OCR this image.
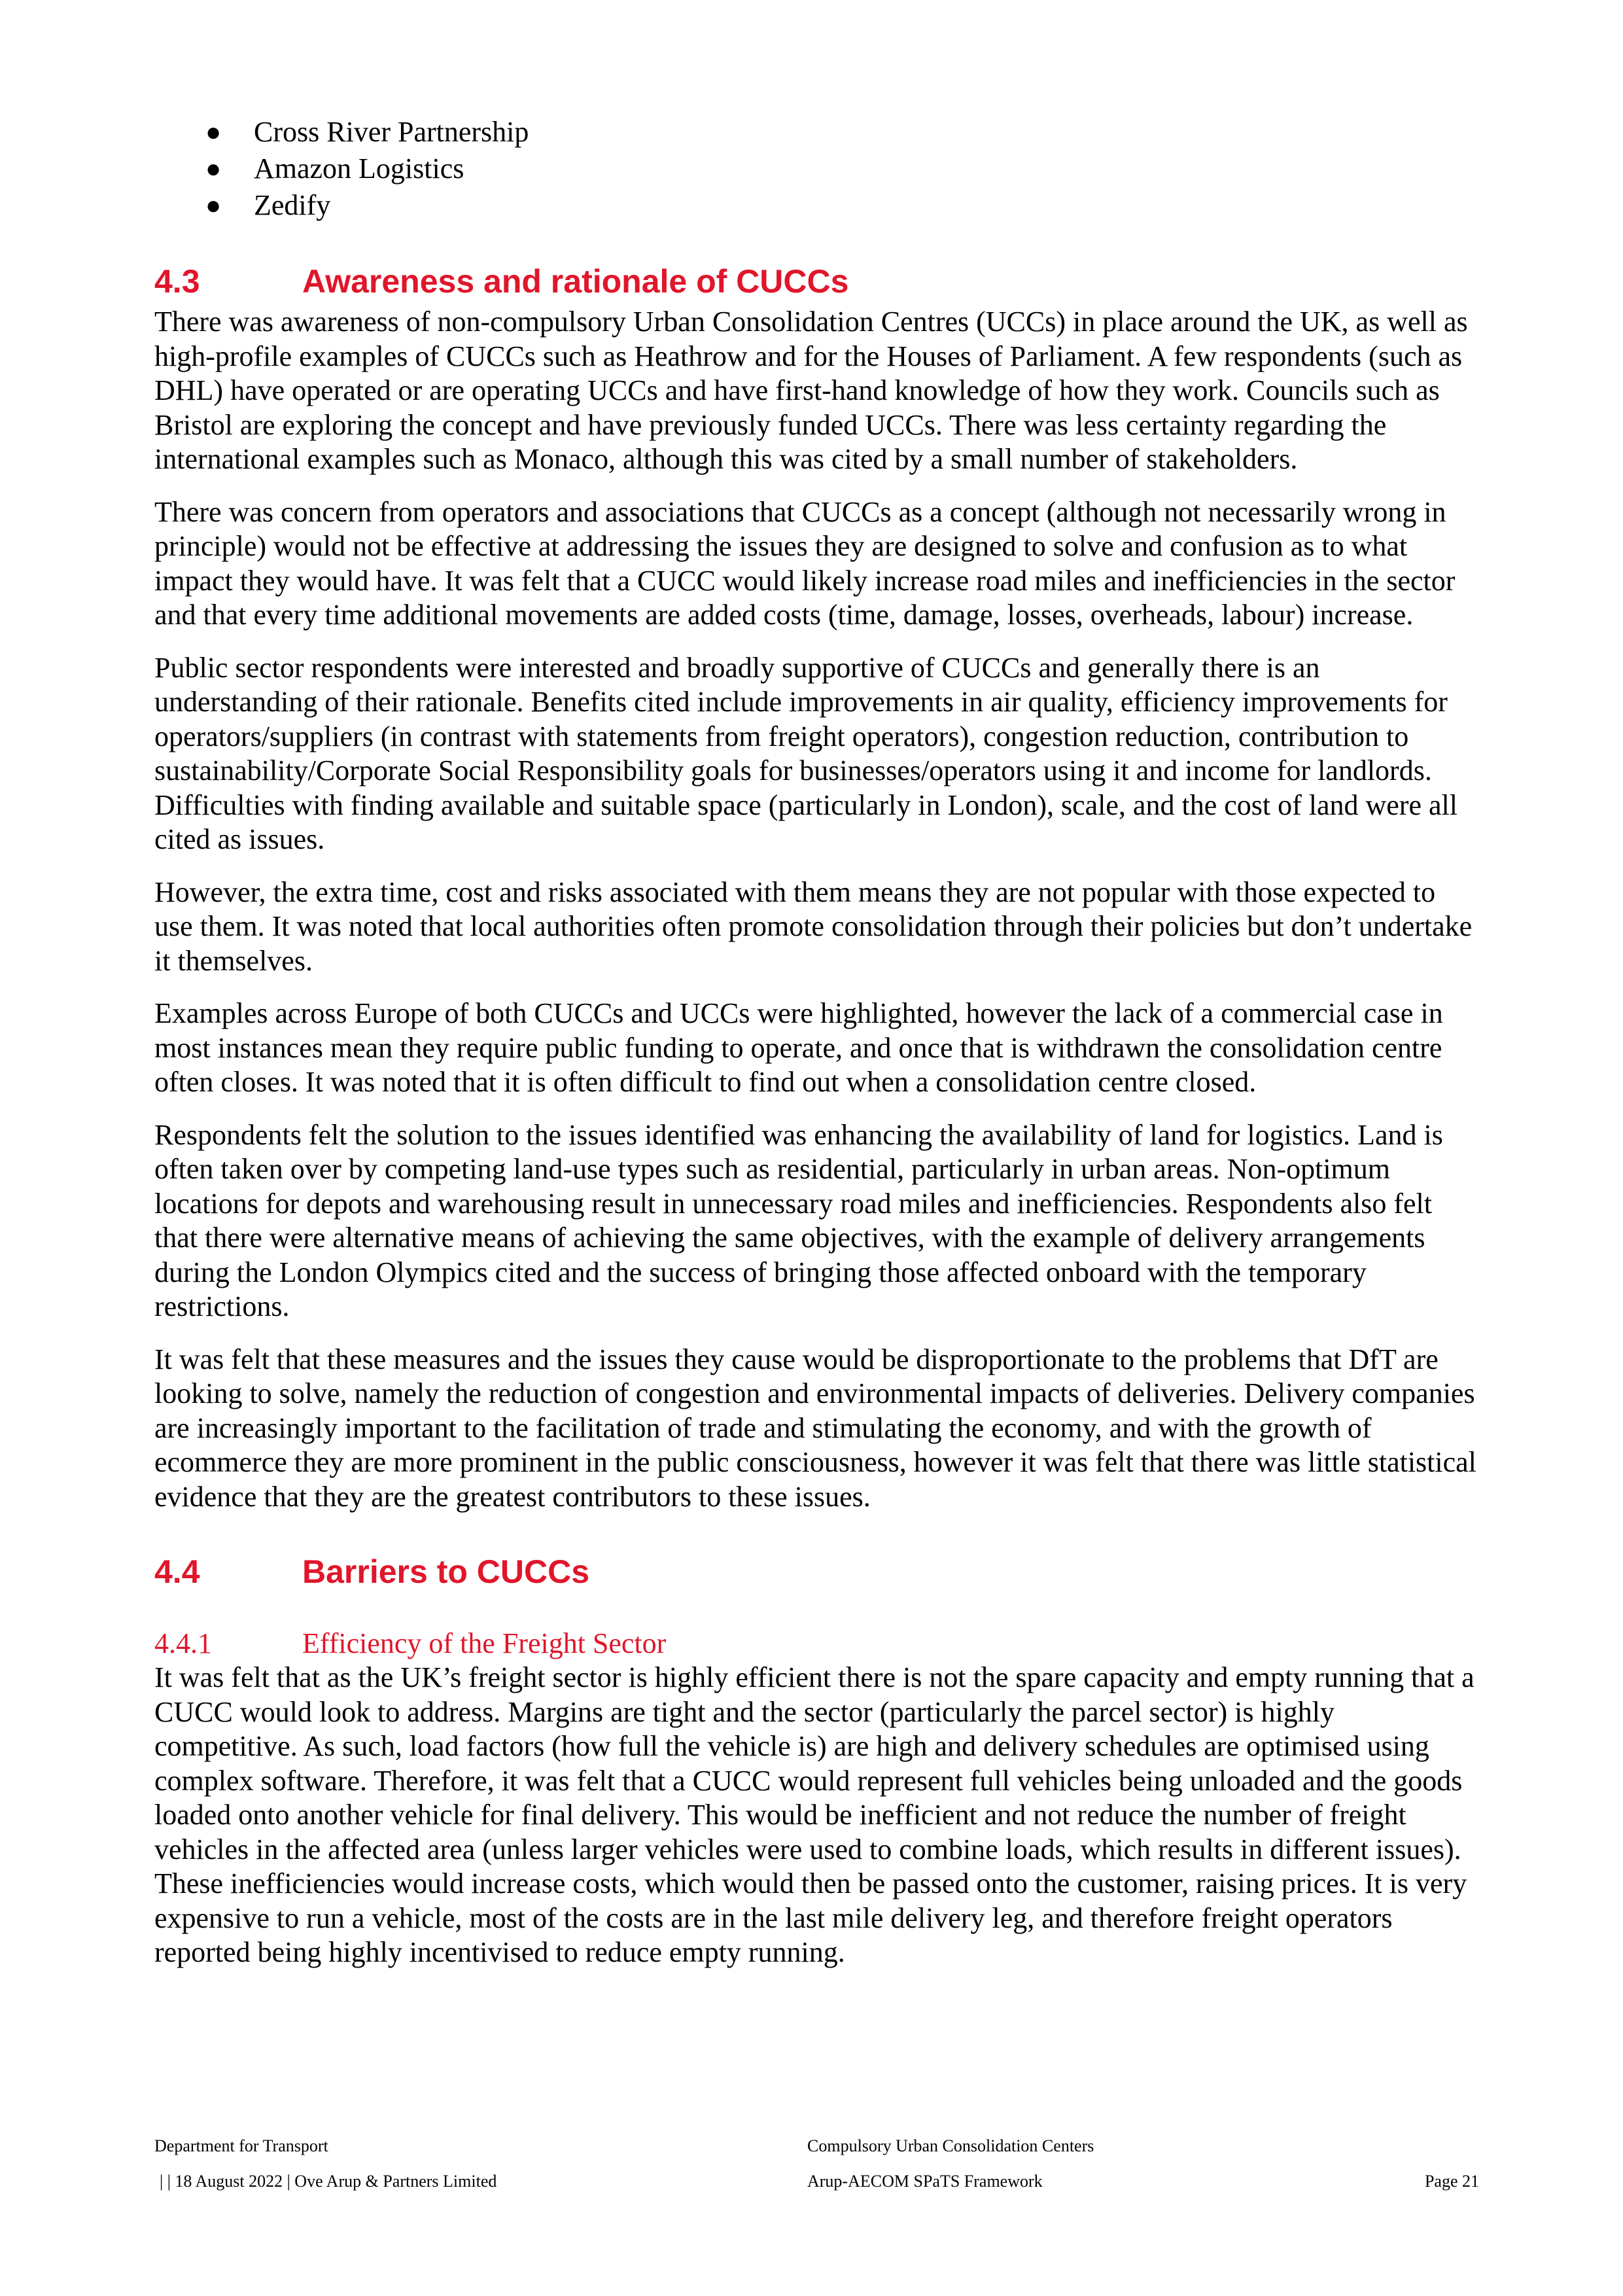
● Cross River Partnership
● Amazon Logistics
● Zedify
4.3	Awareness and rationale of CUCCs

There was awareness of non-compulsory Urban Consolidation Centres (UCCs) in place around the UK, as well as high-profile examples of CUCCs such as Heathrow and for the Houses of Parliament. A few respondents (such as DHL) have operated or are operating UCCs and have first-hand knowledge of how they work. Councils such as Bristol are exploring the concept and have previously funded UCCs. There was less certainty regarding the international examples such as Monaco, although this was cited by a small number of stakeholders.

There was concern from operators and associations that CUCCs as a concept (although not necessarily wrong in principle) would not be effective at addressing the issues they are designed to solve and confusion as to what impact they would have. It was felt that a CUCC would likely increase road miles and inefficiencies in the sector and that every time additional movements are added costs (time, damage, losses, overheads, labour) increase.

Public sector respondents were interested and broadly supportive of CUCCs and generally there is an understanding of their rationale. Benefits cited include improvements in air quality, efficiency improvements for operators/suppliers (in contrast with statements from freight operators), congestion reduction, contribution to sustainability/Corporate Social Responsibility goals for businesses/operators using it and income for landlords. Difficulties with finding available and suitable space (particularly in London), scale, and the cost of land were all cited as issues.

However, the extra time, cost and risks associated with them means they are not popular with those expected to use them. It was noted that local authorities often promote consolidation through their policies but don’t undertake it themselves.

Examples across Europe of both CUCCs and UCCs were highlighted, however the lack of a commercial case in most instances mean they require public funding to operate, and once that is withdrawn the consolidation centre often closes. It was noted that it is often difficult to find out when a consolidation centre closed.

Respondents felt the solution to the issues identified was enhancing the availability of land for logistics. Land is often taken over by competing land-use types such as residential, particularly in urban areas. Non-optimum locations for depots and warehousing result in unnecessary road miles and inefficiencies. Respondents also felt that there were alternative means of achieving the same objectives, with the example of delivery arrangements during the London Olympics cited and the success of bringing those affected onboard with the temporary restrictions.

It was felt that these measures and the issues they cause would be disproportionate to the problems that DfT are looking to solve, namely the reduction of congestion and environmental impacts of deliveries. Delivery companies are increasingly important to the facilitation of trade and stimulating the economy, and with the growth of ecommerce they are more prominent in the public consciousness, however it was felt that there was little statistical evidence that they are the greatest contributors to these issues.

4.4	Barriers to CUCCs
4.4.1	Efficiency of the Freight Sector

It was felt that as the UK’s freight sector is highly efficient there is not the spare capacity and empty running that a CUCC would look to address. Margins are tight and the sector (particularly the parcel sector) is highly competitive. As such, load factors (how full the vehicle is) are high and delivery schedules are optimised using complex software. Therefore, it was felt that a CUCC would represent full vehicles being unloaded and the goods loaded onto another vehicle for final delivery. This would be inefficient and not reduce the number of freight vehicles in the affected area (unless larger vehicles were used to combine loads, which results in different issues). These inefficiencies would increase costs, which would then be passed onto the customer, raising prices. It is very expensive to run a vehicle, most of the costs are in the last mile delivery leg, and therefore freight operators reported being highly incentivised to reduce empty running.

Department for Transport	Compulsory Urban Consolidation Centers
| | 18 August 2022 | Ove Arup & Partners Limited	Arup-AECOM SPaTS Framework	Page 21
